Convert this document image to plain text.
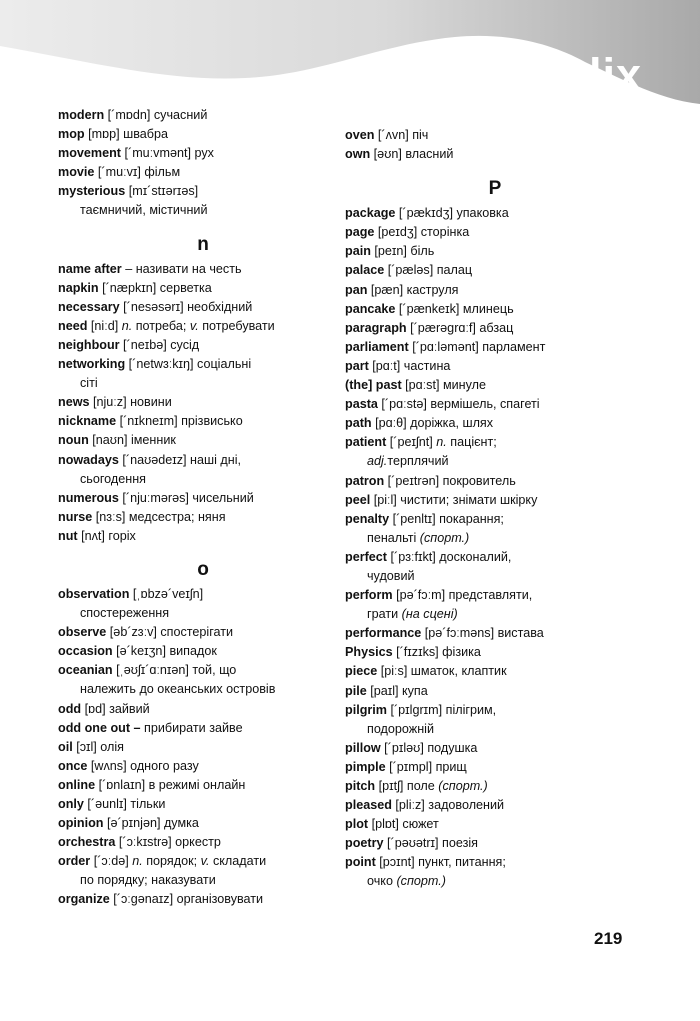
Appendix
modern [´mɒdn] сучасний
mop [mɒp] швабра
movement [´muːvmənt] рух
movie [´muːvɪ] фільм
mysterious [mɪ´stɪərɪəs]
таємничий, містичний
n
name after – називати на честь
napkin [´næpkɪn] серветка
necessary [´nesəsərɪ] необхідний
need [niːd] n. потреба; v. потребувати
neighbour [´neɪbə] сусід
networking [´netwɜːkɪŋ] соціальні
сіті
news [njuːz] новини
nickname [´nɪkneɪm] прізвисько
noun [naʊn] іменник
nowadays [´naʊədeɪz] наші дні,
сьогодення
numerous [´njuːmərəs] чисельний
nurse [nɜːs] медсестра; няня
nut [nʌt] горіх
o
observation [ˌɒbzə´veɪʃn]
спостереження
observe [əb´zɜːv] спостерігати
occasion [ə´keɪʒn] випадок
oceanian [ˌəʊʃɪ´ɑːnɪən] той, що
належить до океанських островів
odd [ɒd] зайвий
odd one out – прибирати зайве
oil [ɔɪl] олія
once [wʌns] одного разу
online [´ɒnlaɪn] в режимі онлайн
only [´əunlɪ] тільки
opinion [ə´pɪnjən] думка
orchestra [´ɔːkɪstrə] оркестр
order [´ɔːdə] n. порядок; v. складати
по порядку; наказувати
organize [´ɔːgənaɪz] організовувати
oven [´ʌvn] піч
own [əʊn] власний
P
package [´pækɪdʒ] упаковка
page [peɪdʒ] сторінка
pain [peɪn] біль
palace [´pæləs] палац
pan [pæn] каструля
pancake [´pænkeɪk] млинець
paragraph [´pærəgrɑːf] абзац
parliament [´pɑːləmənt] парламент
part [pɑːt] частина
(the] past [pɑːst] минуле
pasta [´pɑːstə] вермішель, спагеті
path [pɑːθ] доріжка, шлях
patient [´peɪʃnt] n. пацієнт;
adj.терплячий
patron [´peɪtrən] покровитель
peel [piːl] чистити; знімати шкірку
penalty [´penltɪ] покарання;
пенальті (спорт.)
perfect [´pɜːfɪkt] досконалий,
чудовий
perform [pə´fɔːm] представляти,
грати (на сцені)
performance [pə´fɔːməns] вистава
Physics [´fɪzɪks] фізика
piece [piːs] шматок, клаптик
pile [paɪl] купа
pilgrim [´pɪlgrɪm] пілігрим,
подорожній
pillow [´pɪləʊ] подушка
pimple [´pɪmpl] прищ
pitch [pɪtʃ] поле (спорт.)
pleased [pliːz] задоволений
plot [plɒt] сюжет
poetry [´pəʊətrɪ] поезія
point [pɔɪnt] пункт, питання;
очко (спорт.)
219
